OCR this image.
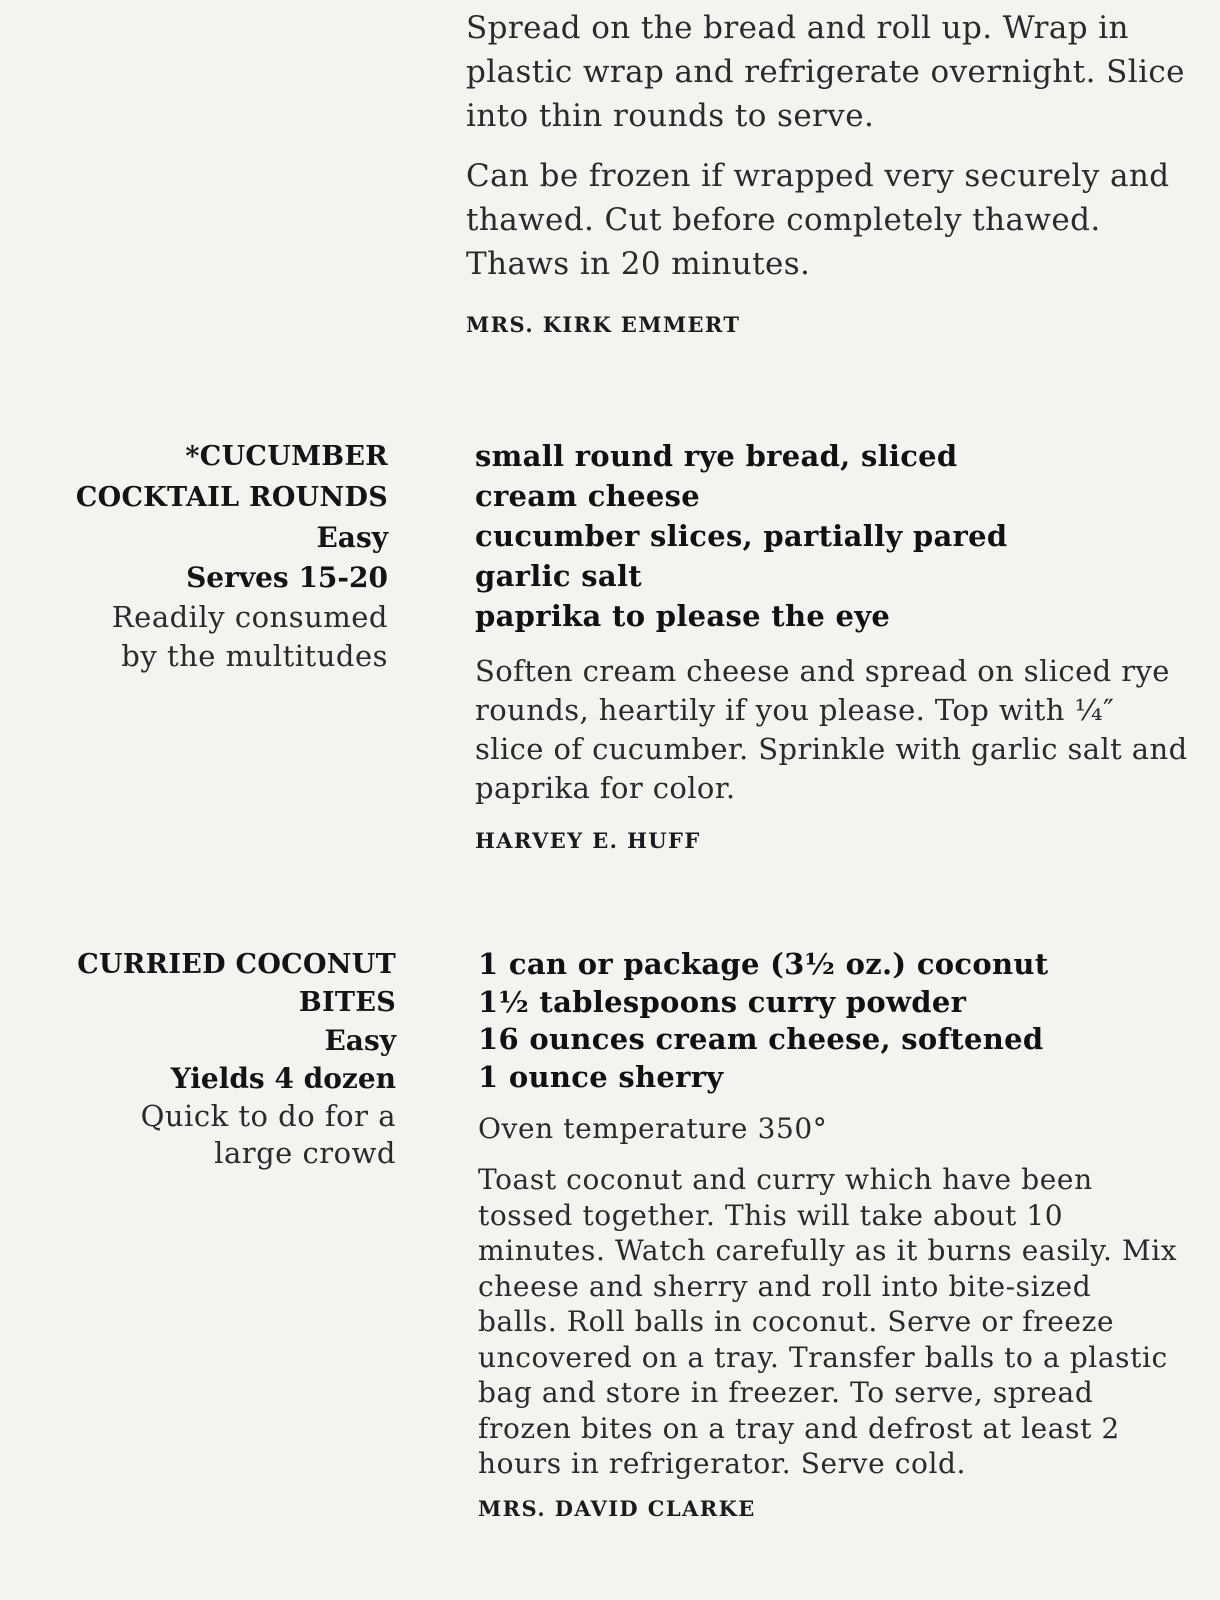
Spread on the bread and roll up. Wrap in plastic wrap and refrigerate overnight. Slice into thin rounds to serve.

Can be frozen if wrapped very securely and thawed. Cut before completely thawed. Thaws in 20 minutes.

MRS. KIRK EMMERT

*CUCUMBER

COCKTAIL ROUNDS

Easy

Serves 15-20

Readily consumed

by the multitudes

small round rye bread, sliced

cream cheese

cucumber slices, partially pared

garlic salt

paprika to please the eye

Soften cream cheese and spread on sliced rye rounds, heartily if you please. Top with ¼″ slice of cucumber. Sprinkle with garlic salt and paprika for color.

HARVEY E. HUFF

CURRIED COCONUT

BITES

Easy

Yields 4 dozen

Quick to do for a

large crowd

1 can or package (3½ oz.) coconut

1½ tablespoons curry powder

16 ounces cream cheese, softened

1 ounce sherry

Oven temperature 350°

Toast coconut and curry which have been tossed together. This will take about 10 minutes. Watch carefully as it burns easily. Mix cheese and sherry and roll into bite-sized balls. Roll balls in coconut. Serve or freeze uncovered on a tray. Transfer balls to a plastic bag and store in freezer. To serve, spread frozen bites on a tray and defrost at least 2 hours in refrigerator. Serve cold.

MRS. DAVID CLARKE
